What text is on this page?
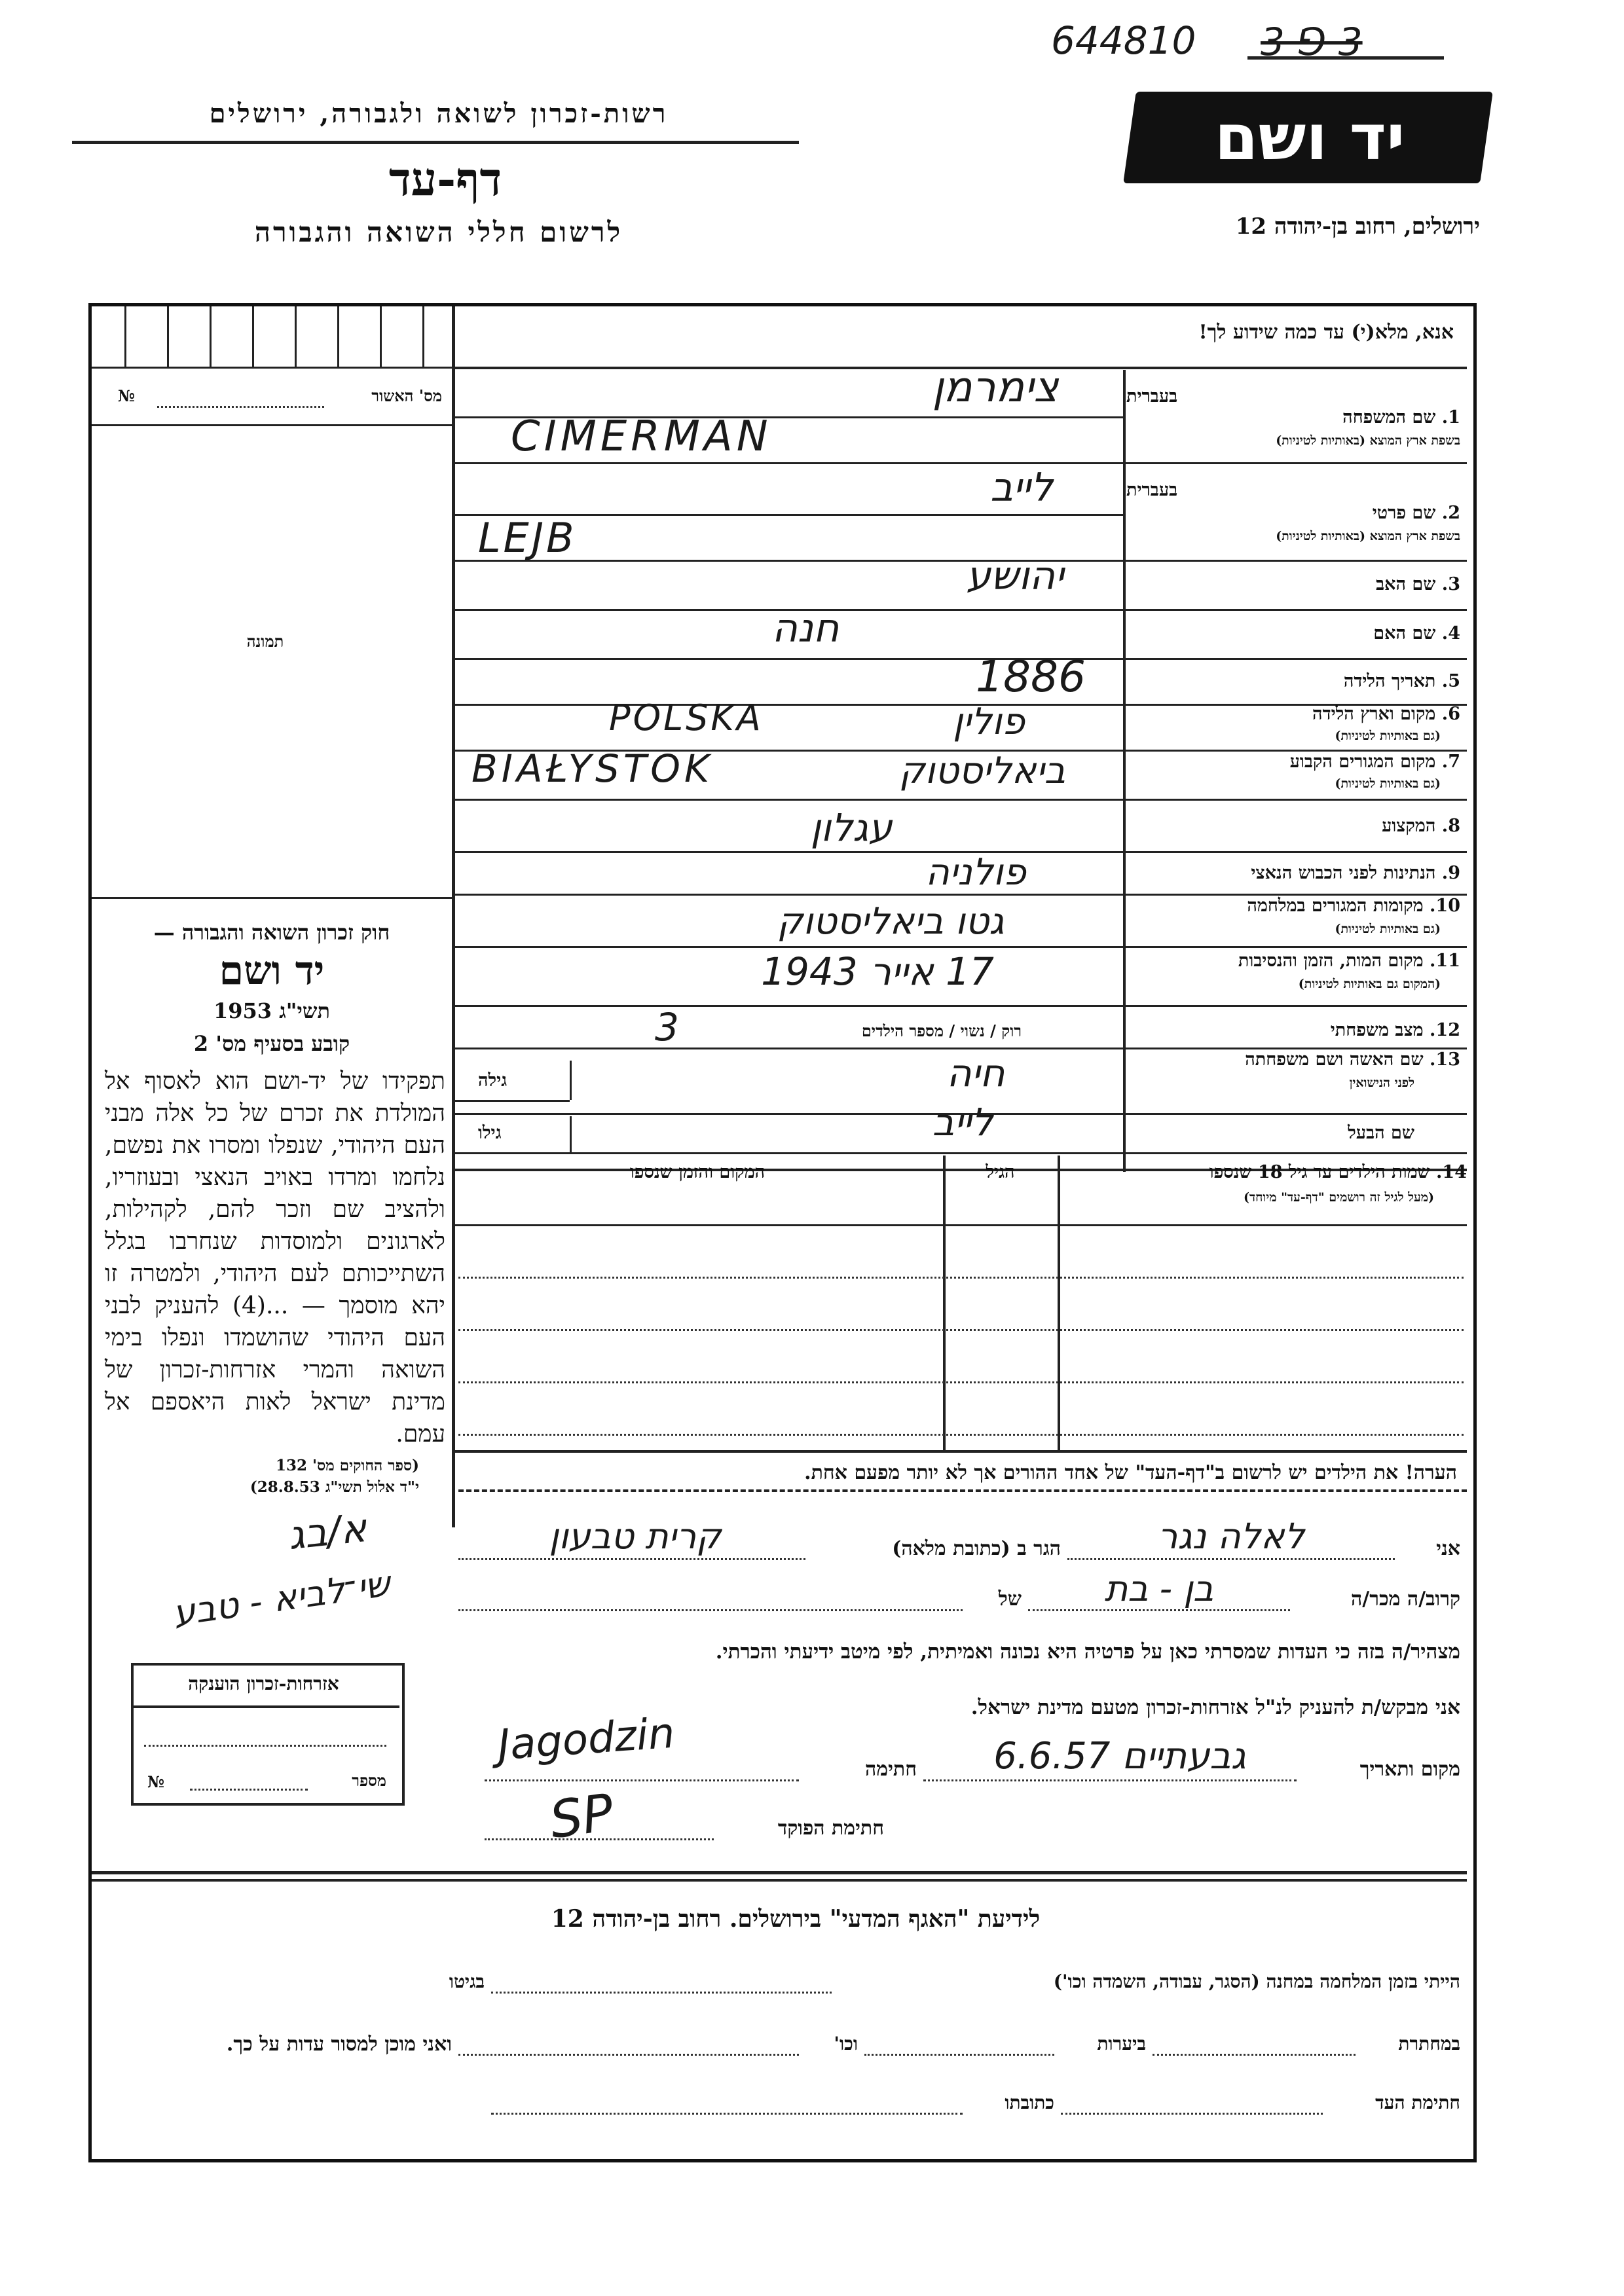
644810 3 ⅁ 3
רשות-זכרון לשואה ולגבורה, ירושלים
דף-עד
לרשום חללי השואה והגבורה
יד ושם
ירושלים, רחוב בן-יהודה 12
מס' האשור
№
תמונה
חוק זכרון השואה והגבורה —
יד ושם
תשי"ג 1953
קובע בסעיף מס' 2
תפקידו של יד-ושם הוא לאסוף אל המולדת את זכרם של כל אלה מבני העם היהודי, שנפלו ומסרו את נפשם, נלחמו ומרדו באויב הנאצי ובעוזריו, ולהציב שם וזכר להם, לקהילות, לארגונים ולמוסדות שנחרבו בגלל השתייכותם לעם היהודי, ולמטרה זו יהא מוסמך — ...(4) להעניק לבני העם היהודי שהושמדו ונפלו בימי השואה והמרי אזרחות-זכרון של מדינת ישראל לאות היאספם אל עמם.
(ספר החוקים מס' 132
י"ד אלול תשי"ג 28.8.53)
אנא, מלא(י) עד כמה שידוע לך!
בעברית
בעברית
1. שם המשפחה
בשפת ארץ המוצא (באותיות לטיניות)
2. שם פרטי
בשפת ארץ המוצא (באותיות לטיניות)
3. שם האב
4. שם האם
5. תאריך הלידה
6. מקום וארץ הלידה
(גם באותיות לטיניות)
7. מקום המגורים הקבוע
(גם באותיות לטיניות)
8. המקצוע
9. הנתינות לפני הכבוש הנאצי
10. מקומות המגורים במלחמה
(גם באותיות לטיניות)
11. מקום המות, הזמן והנסיבות
(המקום גם באותיות לטיניות)
12. מצב משפחתי
13. שם האשה ושם משפחתה
לפני הנישואין
שם הבעל
רוק / נשוי / מספר הילדים
גילה
גילו
14. שמות הילדים עד גיל 18 שנספו
(מעל לגיל זה רושמים "דף-עד" מיוחד)
הגיל
המקום והזמן שנספו
הערה! את הילדים יש לרשום ב"דף-העד" של אחד ההורים אך לא יותר מפעם אחת.
אני
הגר ב (כתובת מלאה)
קרוב/ה מכר/ה
של
מצהיר/ה בזה כי העדות שמסרתי כאן על פרטיה היא נכונה ואמיתית, לפי מיטב ידיעתי והכרתי.
אני מבקש/ת להעניק לנ"ל אזרחות-זכרון מטעם מדינת ישראל.
מקום ותאריך
חתימה
חתימת הפוקד
אזרחות-זכרון הוענקה
מספר
№
לידיעת "האגף המדעי" בירושלים. רחוב בן-יהודה 12
הייתי בזמן המלחמה במחנה (הסגר, עבודה, השמדה וכו')
בגיטו
במחתרת
ביערות
וכו'
ואני מוכן למסור עדות על כך.
חתימת העד
כתובתו
צימרמן
CIMERMAN
לייב
LEJB
יהושע
חנה
1886
POLSKA	פולין
BIAŁYSTOK	ביאליסטוק
עגלון
פולניה
גטו ביאליסטוק
17 אייר 1943
3
חיה
לייב
לאלה נגר
קרית טבעון
בן - בת
א/בג
שי־לביא - טבע
גבעתיים 6.6.57
Jagodzin
SP
